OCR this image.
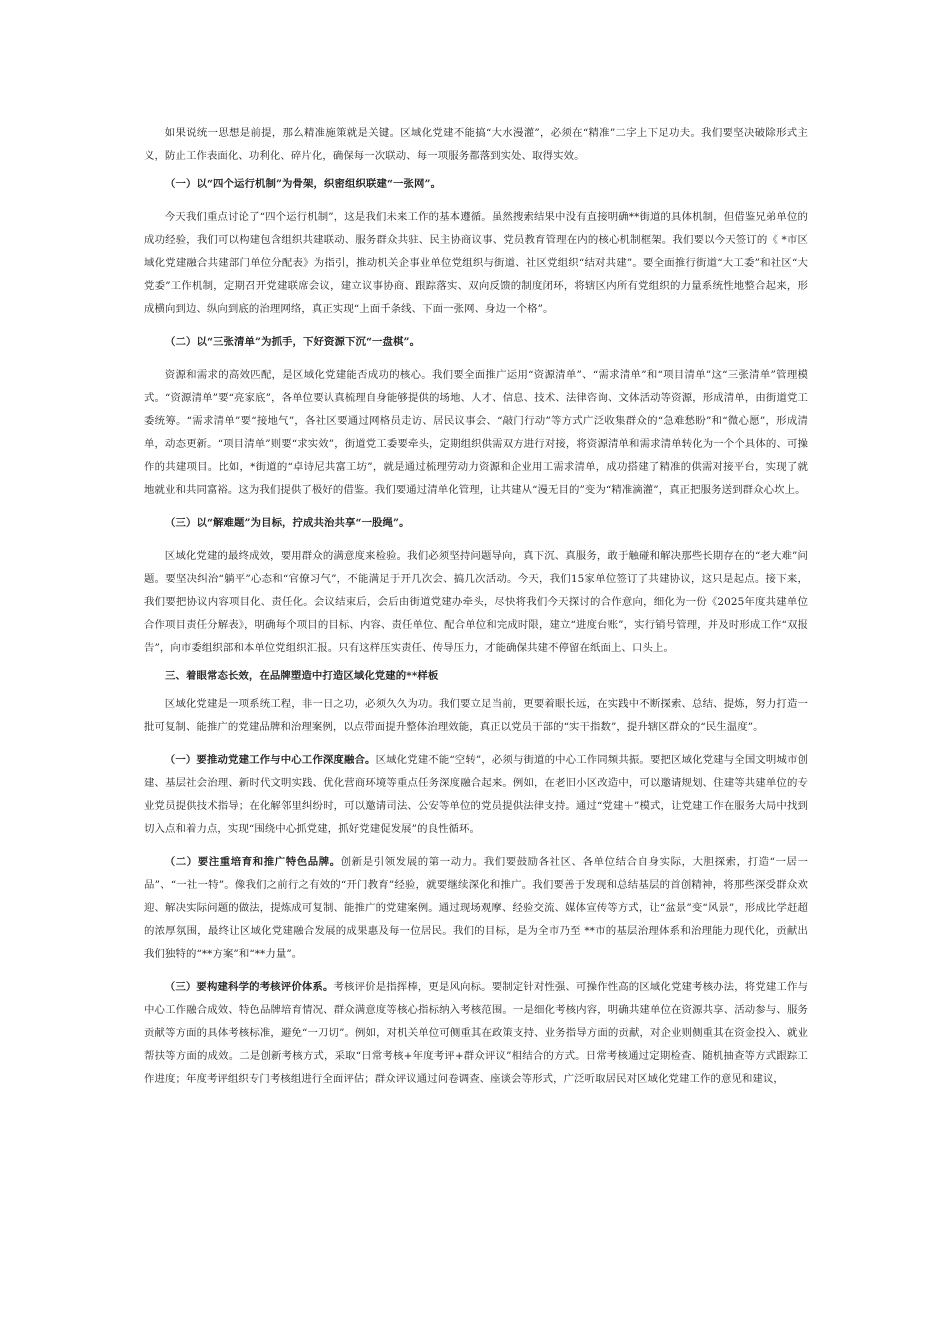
如果说统一思想是前提，那么精准施策就是关键。区域化党建不能搞“大水漫灌”，必须在“精准”二字上下足功夫。我们要坚决破除形式主义，防止工作表面化、功利化、碎片化，确保每一次联动、每一项服务都落到实处、取得实效。

（一）以“四个运行机制”为骨架，织密组织联建“一张网”。

今天我们重点讨论了“四个运行机制”，这是我们未来工作的基本遵循。虽然搜索结果中没有直接明确**街道的具体机制，但借鉴兄弟单位的成功经验，我们可以构建包含组织共建联动、服务群众共驻、民主协商议事、党员教育管理在内的核心机制框架。我们要以今天签订的《 *市区域化党建融合共建部门单位分配表》为指引，推动机关企事业单位党组织与街道、社区党组织“结对共建”。要全面推行街道“大工委”和社区“大党委”工作机制，定期召开党建联席会议，建立议事协商、跟踪落实、双向反馈的制度闭环，将辖区内所有党组织的力量系统性地整合起来，形成横向到边、纵向到底的治理网络，真正实现“上面千条线、下面一张网、身边一个格”。

（二）以“三张清单”为抓手，下好资源下沉“一盘棋”。

资源和需求的高效匹配，是区域化党建能否成功的核心。我们要全面推广运用“资源清单”、“需求清单”和“项目清单”这“三张清单”管理模式。“资源清单”要“亮家底”，各单位要认真梳理自身能够提供的场地、人才、信息、技术、法律咨询、文体活动等资源，形成清单，由街道党工委统筹。“需求清单”要“接地气”，各社区要通过网格员走访、居民议事会、“敲门行动”等方式广泛收集群众的“急难愁盼”和“微心愿”，形成清单，动态更新。“项目清单”则要“求实效”，街道党工委要牵头，定期组织供需双方进行对接，将资源清单和需求清单转化为一个个具体的、可操作的共建项目。比如，*街道的“卓诗尼共富工坊”，就是通过梳理劳动力资源和企业用工需求清单，成功搭建了精准的供需对接平台，实现了就地就业和共同富裕。这为我们提供了极好的借鉴。我们要通过清单化管理，让共建从“漫无目的”变为“精准滴灌”，真正把服务送到群众心坎上。

（三）以“解难题”为目标，拧成共治共享“一股绳”。

区域化党建的最终成效，要用群众的满意度来检验。我们必须坚持问题导向，真下沉、真服务，敢于触碰和解决那些长期存在的“老大难”问题。要坚决纠治“躺平”心态和“官僚习气”，不能满足于开几次会、搞几次活动。今天，我们15家单位签订了共建协议，这只是起点。接下来，我们要把协议内容项目化、责任化。会议结束后，会后由街道党建办牵头，尽快将我们今天探讨的合作意向，细化为一份《2025年度共建单位合作项目责任分解表》，明确每个项目的目标、内容、责任单位、配合单位和完成时限，建立“进度台账”，实行销号管理，并及时形成工作“双报告”，向市委组织部和本单位党组织汇报。只有这样压实责任、传导压力，才能确保共建不停留在纸面上、口头上。

三、着眼常态长效，在品牌塑造中打造区域化党建的**样板

区域化党建是一项系统工程，非一日之功，必须久久为功。我们要立足当前，更要着眼长远，在实践中不断探索、总结、提炼，努力打造一批可复制、能推广的党建品牌和治理案例，以点带面提升整体治理效能，真正以党员干部的“实干指数”，提升辖区群众的“民生温度”。

（一）要推动党建工作与中心工作深度融合。区域化党建不能“空转”，必须与街道的中心工作同频共振。要把区域化党建与全国文明城市创建、基层社会治理、新时代文明实践、优化营商环境等重点任务深度融合起来。例如，在老旧小区改造中，可以邀请规划、住建等共建单位的专业党员提供技术指导；在化解邻里纠纷时，可以邀请司法、公安等单位的党员提供法律支持。通过“党建＋”模式，让党建工作在服务大局中找到切入点和着力点，实现“围绕中心抓党建，抓好党建促发展”的良性循环。

（二）要注重培育和推广特色品牌。创新是引领发展的第一动力。我们要鼓励各社区、各单位结合自身实际，大胆探索，打造“一居一品”、“一社一特”。像我们之前行之有效的“开门教育”经验，就要继续深化和推广。我们要善于发现和总结基层的首创精神，将那些深受群众欢迎、解决实际问题的做法，提炼成可复制、能推广的党建案例。通过现场观摩、经验交流、媒体宣传等方式，让“盆景”变“风景”，形成比学赶超的浓厚氛围，最终让区域化党建融合发展的成果惠及每一位居民。我们的目标，是为全市乃至 **市的基层治理体系和治理能力现代化，贡献出我们独特的“**方案”和“**力量”。

（三）要构建科学的考核评价体系。考核评价是指挥棒，更是风向标。要制定针对性强、可操作性高的区域化党建考核办法，将党建工作与中心工作融合成效、特色品牌培育情况、群众满意度等核心指标纳入考核范围。一是细化考核内容，明确共建单位在资源共享、活动参与、服务贡献等方面的具体考核标准，避免“一刀切”。例如，对机关单位可侧重其在政策支持、业务指导方面的贡献，对企业则侧重其在资金投入、就业帮扶等方面的成效。二是创新考核方式，采取“日常考核+年度考评+群众评议”相结合的方式。日常考核通过定期检查、随机抽查等方式跟踪工作进度；年度考评组织专门考核组进行全面评估；群众评议通过问卷调查、座谈会等形式，广泛听取居民对区域化党建工作的意见和建议，
